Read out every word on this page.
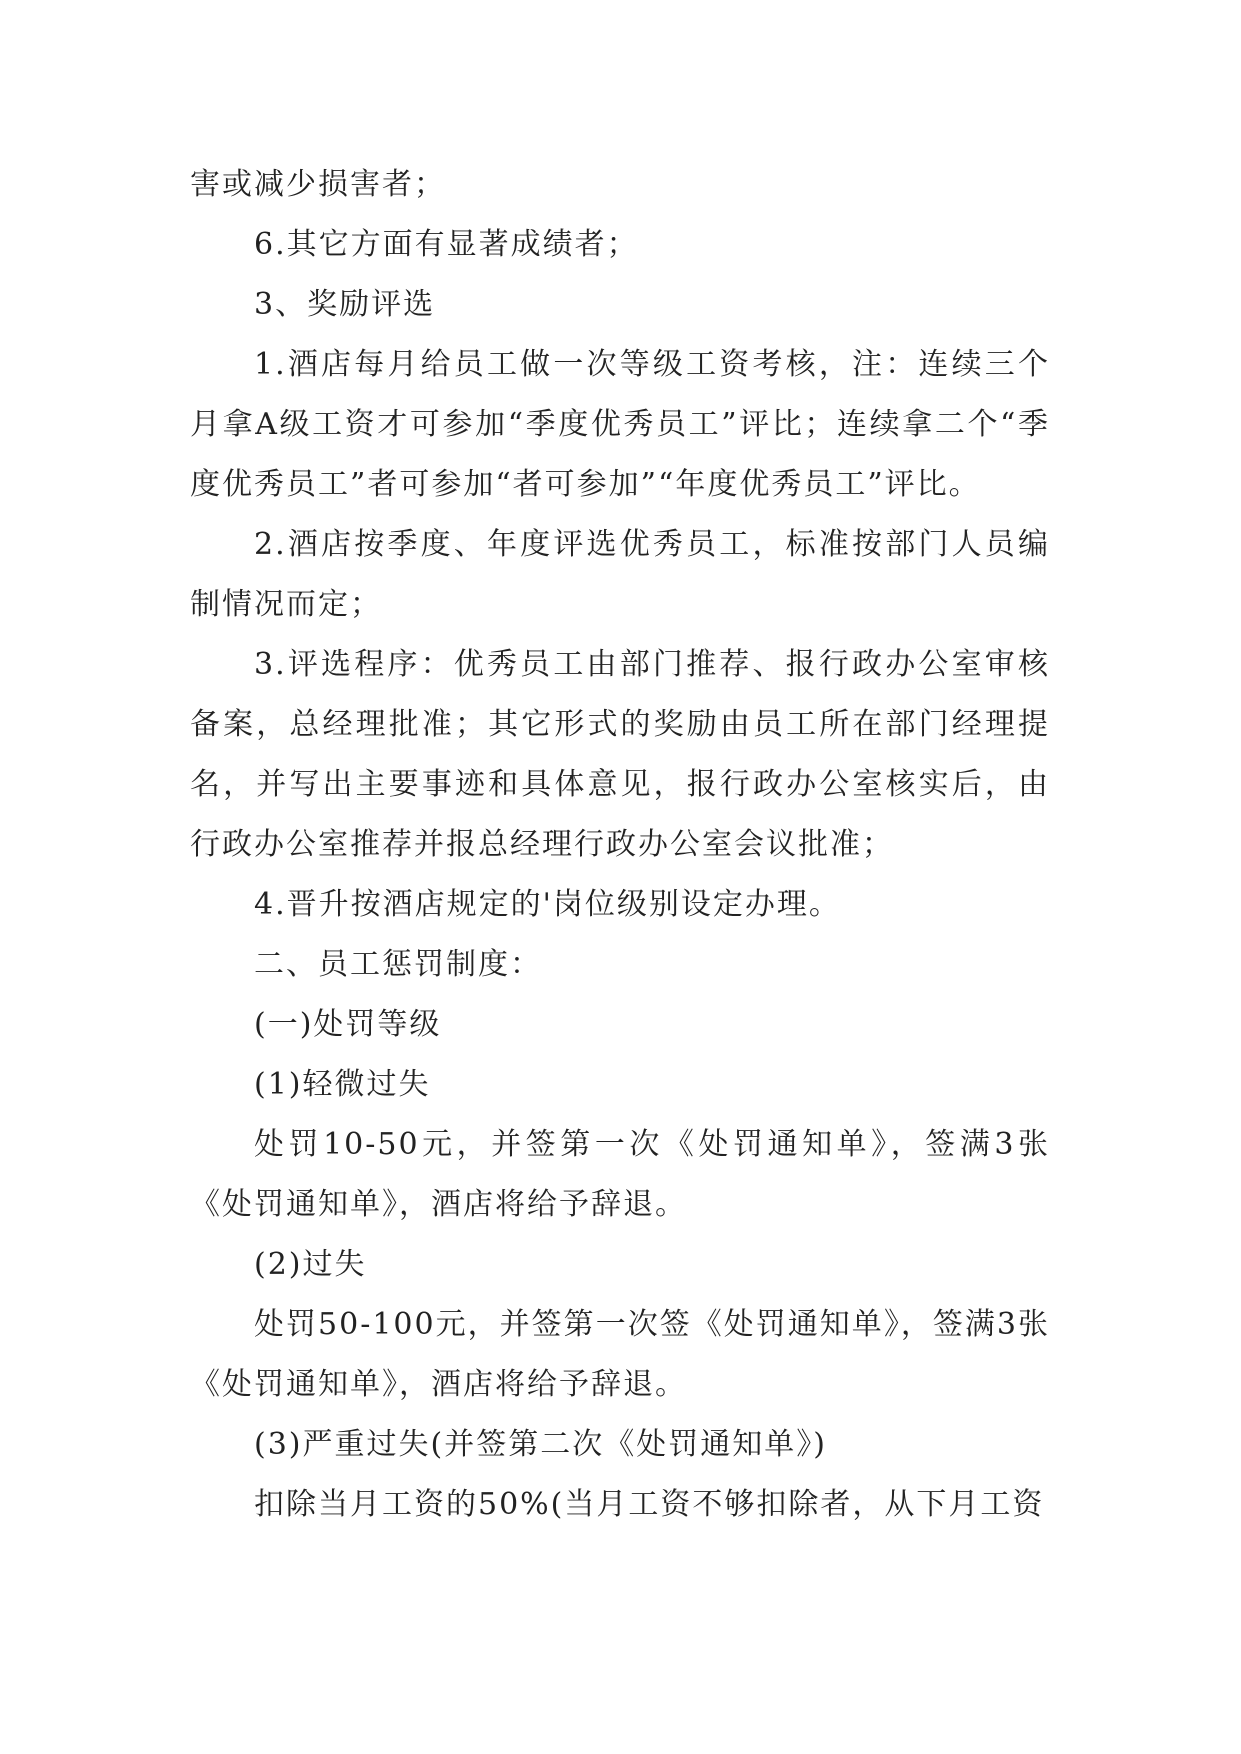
害或减少损害者；

6.其它方面有显著成绩者；

3、奖励评选

1.酒店每月给员工做一次等级工资考核，注：连续三个月拿A级工资才可参加“季度优秀员工”评比；连续拿二个“季度优秀员工”者可参加“者可参加”“年度优秀员工”评比。

2.酒店按季度、年度评选优秀员工，标准按部门人员编制情况而定；

3.评选程序：优秀员工由部门推荐、报行政办公室审核备案，总经理批准；其它形式的奖励由员工所在部门经理提名，并写出主要事迹和具体意见，报行政办公室核实后，由行政办公室推荐并报总经理行政办公室会议批准；

4.晋升按酒店规定的'岗位级别设定办理。

二、员工惩罚制度：

(一)处罚等级

(1)轻微过失

处罚10-50元，并签第一次《处罚通知单》，签满3张《处罚通知单》，酒店将给予辞退。

(2)过失

处罚50-100元，并签第一次签《处罚通知单》，签满3张《处罚通知单》，酒店将给予辞退。

(3)严重过失(并签第二次《处罚通知单》)

扣除当月工资的50%(当月工资不够扣除者，从下月工资
